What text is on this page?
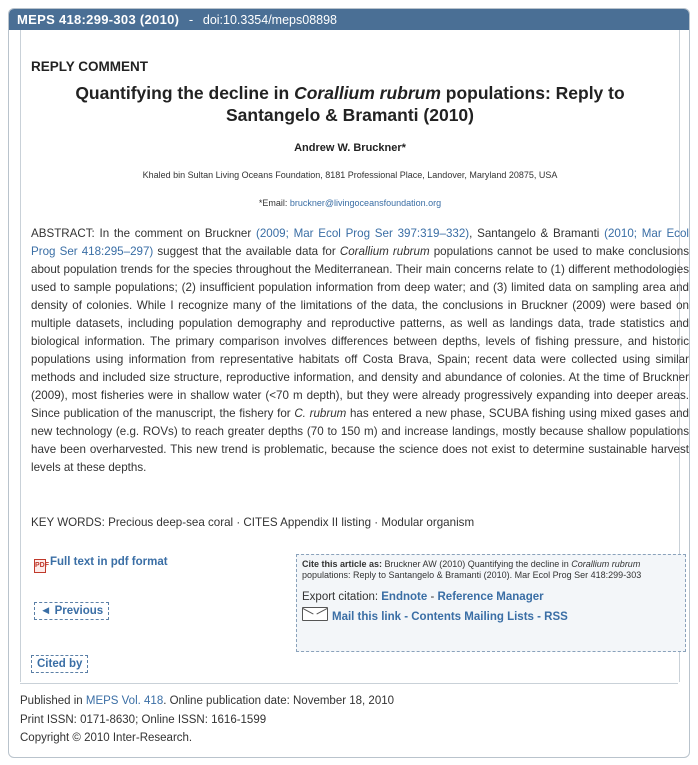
MEPS 418:299-303 (2010) - doi:10.3354/meps08898
REPLY COMMENT
Quantifying the decline in Corallium rubrum populations: Reply to
Santangelo & Bramanti (2010)
Andrew W. Bruckner*
Khaled bin Sultan Living Oceans Foundation, 8181 Professional Place, Landover, Maryland 20875, USA
*Email: bruckner@livingoceansfoundation.org
ABSTRACT: In the comment on Bruckner (2009; Mar Ecol Prog Ser 397:319–332), Santangelo & Bramanti (2010; Mar Ecol Prog Ser 418:295–297) suggest that the available data for Corallium rubrum populations cannot be used to make conclusions about population trends for the species throughout the Mediterranean. Their main concerns relate to (1) different methodologies used to sample populations; (2) insufficient population information from deep water; and (3) limited data on sampling area and density of colonies. While I recognize many of the limitations of the data, the conclusions in Bruckner (2009) were based on multiple datasets, including population demography and reproductive patterns, as well as landings data, trade statistics and biological information. The primary comparison involves differences between depths, levels of fishing pressure, and historic populations using information from representative habitats off Costa Brava, Spain; recent data were collected using similar methods and included size structure, reproductive information, and density and abundance of colonies. At the time of Bruckner (2009), most fisheries were in shallow water (<70 m depth), but they were already progressively expanding into deeper areas. Since publication of the manuscript, the fishery for C. rubrum has entered a new phase, SCUBA fishing using mixed gases and new technology (e.g. ROVs) to reach greater depths (70 to 150 m) and increase landings, mostly because shallow populations have been overharvested. This new trend is problematic, because the science does not exist to determine sustainable harvest levels at these depths.
KEY WORDS: Precious deep-sea coral · CITES Appendix II listing · Modular organism
PDFFull text in pdf format
◄ Previous
Cite this article as: Bruckner AW (2010) Quantifying the decline in Corallium rubrum populations: Reply to Santangelo & Bramanti (2010). Mar Ecol Prog Ser 418:299-303
Export citation: Endnote - Reference Manager
Mail this link - Contents Mailing Lists - RSS
Cited by
Published in MEPS Vol. 418. Online publication date: November 18, 2010
Print ISSN: 0171-8630; Online ISSN: 1616-1599
Copyright © 2010 Inter-Research.
